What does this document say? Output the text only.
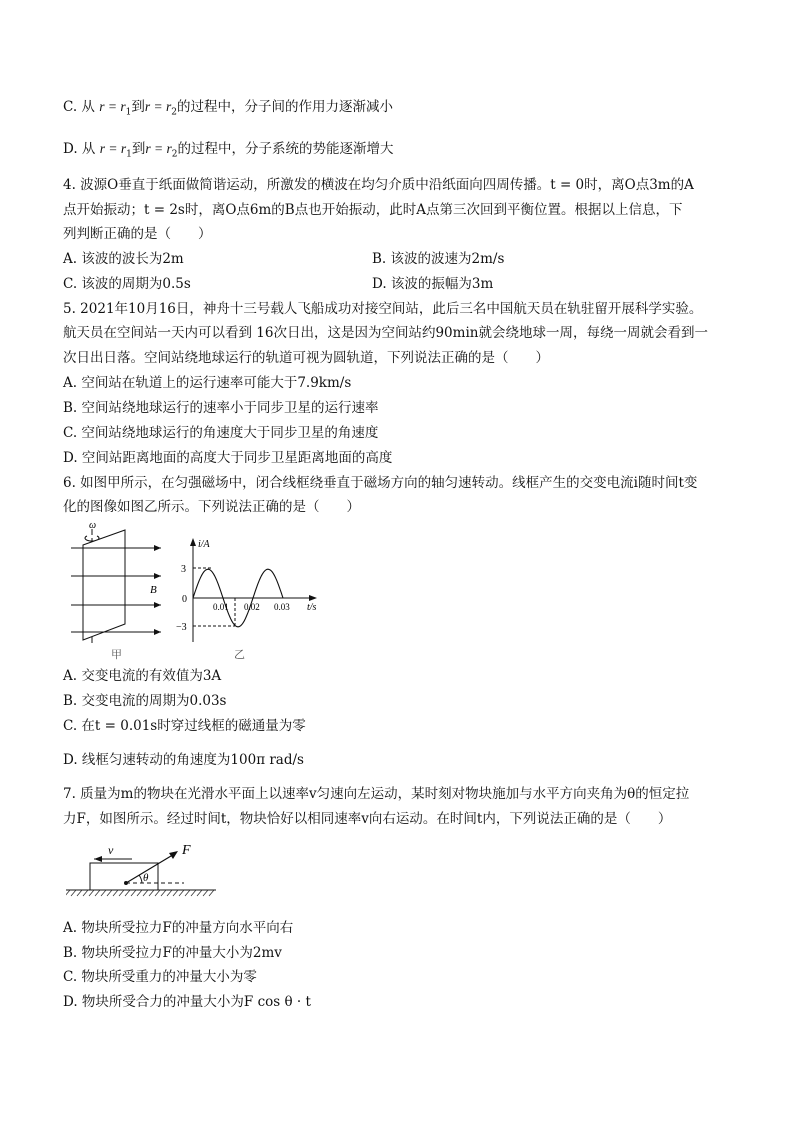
C. 从 $r = r_1$到$r = r_2$的过程中，分子间的作用力逐渐减小
D. 从 $r = r_1$到$r = r_2$的过程中，分子系统的势能逐渐增大
4. 波源O垂直于纸面做简谐运动，所激发的横波在均匀介质中沿纸面向四周传播。t = 0时，离O点3m的A
点开始振动；t = 2s时，离O点6m的B点也开始振动，此时A点第三次回到平衡位置。根据以上信息，下
列判断正确的是（　　）
A. 该波的波长为2m	B. 该波的波速为2m/s
C. 该波的周期为0.5s	D. 该波的振幅为3m
5. 2021年10月16日，神舟十三号载人飞船成功对接空间站，此后三名中国航天员在轨驻留开展科学实验。
航天员在空间站一天内可以看到 16次日出，这是因为空间站约90min就会绕地球一周，每绕一周就会看到一
次日出日落。空间站绕地球运行的轨道可视为圆轨道，下列说法正确的是（　　）
A. 空间站在轨道上的运行速率可能大于7.9km/s
B. 空间站绕地球运行的速率小于同步卫星的运行速率
C. 空间站绕地球运行的角速度大于同步卫星的角速度
D. 空间站距离地面的高度大于同步卫星距离地面的高度
6. 如图甲所示，在匀强磁场中，闭合线框绕垂直于磁场方向的轴匀速转动。线框产生的交变电流i随时间t变
化的图像如图乙所示。下列说法正确的是（　　）
ω
B
甲
i/A
3
0
−3
0.01 0.02 0.03 t/s
乙
A. 交变电流的有效值为3A
B. 交变电流的周期为0.03s
C. 在t = 0.01s时穿过线框的磁通量为零
D. 线框匀速转动的角速度为100π rad/s
7. 质量为m的物块在光滑水平面上以速率v匀速向左运动，某时刻对物块施加与水平方向夹角为θ的恒定拉
力F，如图所示。经过时间t，物块恰好以相同速率v向右运动。在时间t内，下列说法正确的是（　　）
v	F
θ
A. 物块所受拉力F的冲量方向水平向右
B. 物块所受拉力F的冲量大小为2mv
C. 物块所受重力的冲量大小为零
D. 物块所受合力的冲量大小为F cos θ · t
